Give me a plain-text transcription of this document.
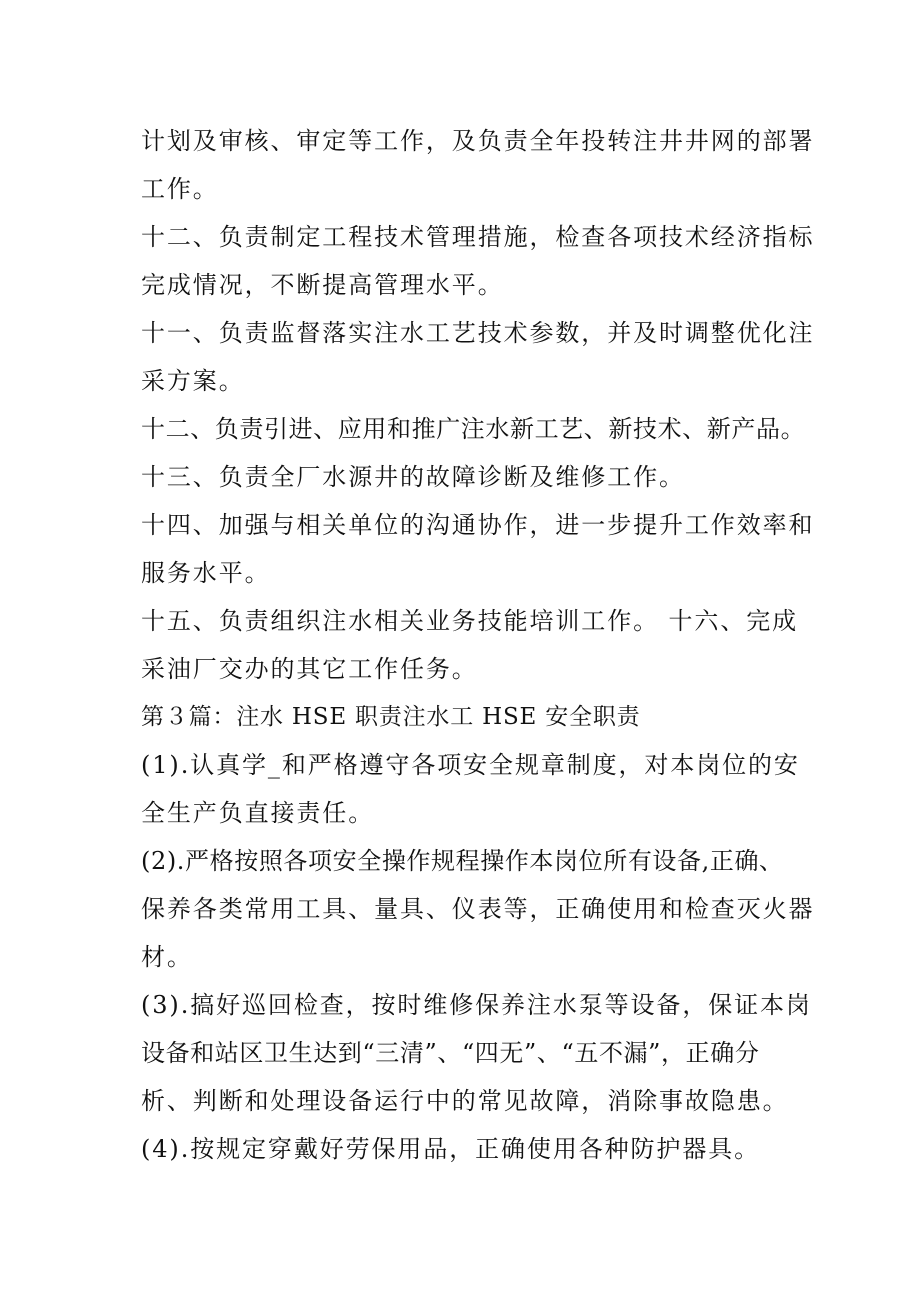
计划及审核、审定等工作，及负责全年投转注井井网的部署
工作。
十二、负责制定工程技术管理措施，检查各项技术经济指标
完成情况，不断提高管理水平。
十一、负责监督落实注水工艺技术参数，并及时调整优化注
采方案。
十二、负责引进、应用和推广注水新工艺、新技术、新产品。
十三、负责全厂水源井的故障诊断及维修工作。
十四、加强与相关单位的沟通协作，进一步提升工作效率和
服务水平。
十五、负责组织注水相关业务技能培训工作。 十六、完成
采油厂交办的其它工作任务。
第３篇：注水 HSE 职责注水工 HSE 安全职责
(1).认真学_和严格遵守各项安全规章制度，对本岗位的安
全生产负直接责任。
(2).严格按照各项安全操作规程操作本岗位所有设备,正确、
保养各类常用工具、量具、仪表等，正确使用和检查灭火器
材。
(3).搞好巡回检查，按时维修保养注水泵等设备，保证本岗
设备和站区卫生达到“三清”、“四无”、“五不漏”，正确分
析、判断和处理设备运行中的常见故障，消除事故隐患。
(4).按规定穿戴好劳保用品，正确使用各种防护器具。
